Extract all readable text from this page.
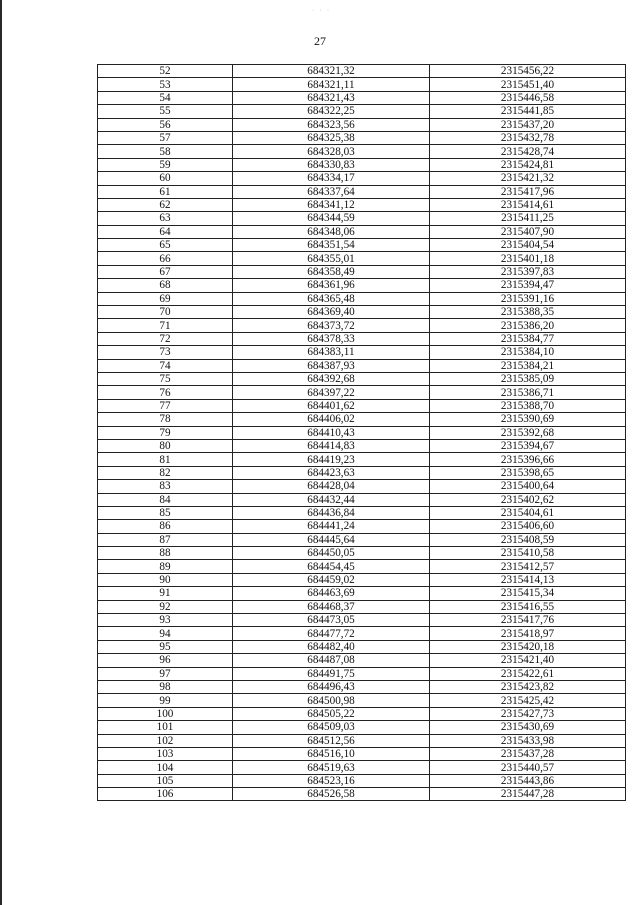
· · ·
27
52	684321,32	2315456,22
53	684321,11	2315451,40
54	684321,43	2315446,58
55	684322,25	2315441,85
56	684323,56	2315437,20
57	684325,38	2315432,78
58	684328,03	2315428,74
59	684330,83	2315424,81
60	684334,17	2315421,32
61	684337,64	2315417,96
62	684341,12	2315414,61
63	684344,59	2315411,25
64	684348,06	2315407,90
65	684351,54	2315404,54
66	684355,01	2315401,18
67	684358,49	2315397,83
68	684361,96	2315394,47
69	684365,48	2315391,16
70	684369,40	2315388,35
71	684373,72	2315386,20
72	684378,33	2315384,77
73	684383,11	2315384,10
74	684387,93	2315384,21
75	684392,68	2315385,09
76	684397,22	2315386,71
77	684401,62	2315388,70
78	684406,02	2315390,69
79	684410,43	2315392,68
80	684414,83	2315394,67
81	684419,23	2315396,66
82	684423,63	2315398,65
83	684428,04	2315400,64
84	684432,44	2315402,62
85	684436,84	2315404,61
86	684441,24	2315406,60
87	684445,64	2315408,59
88	684450,05	2315410,58
89	684454,45	2315412,57
90	684459,02	2315414,13
91	684463,69	2315415,34
92	684468,37	2315416,55
93	684473,05	2315417,76
94	684477,72	2315418,97
95	684482,40	2315420,18
96	684487,08	2315421,40
97	684491,75	2315422,61
98	684496,43	2315423,82
99	684500,98	2315425,42
100	684505,22	2315427,73
101	684509,03	2315430,69
102	684512,56	2315433,98
103	684516,10	2315437,28
104	684519,63	2315440,57
105	684523,16	2315443,86
106	684526,58	2315447,28
